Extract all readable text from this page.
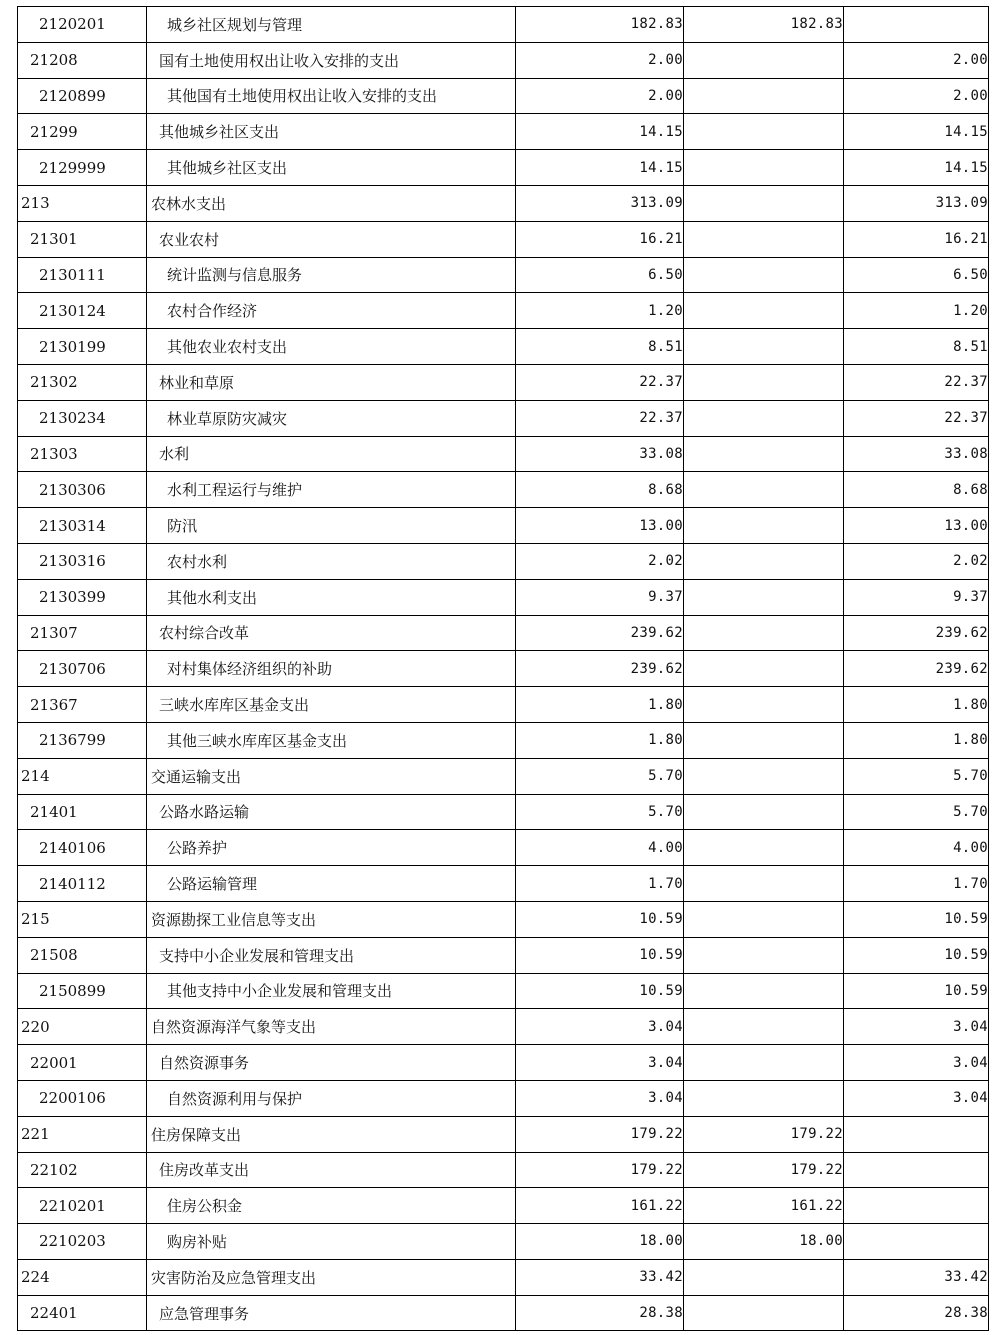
2120201	城乡社区规划与管理	182.83	182.83	
21208	国有土地使用权出让收入安排的支出	2.00		2.00
2120899	其他国有土地使用权出让收入安排的支出	2.00		2.00
21299	其他城乡社区支出	14.15		14.15
2129999	其他城乡社区支出	14.15		14.15
213	农林水支出	313.09		313.09
21301	农业农村	16.21		16.21
2130111	统计监测与信息服务	6.50		6.50
2130124	农村合作经济	1.20		1.20
2130199	其他农业农村支出	8.51		8.51
21302	林业和草原	22.37		22.37
2130234	林业草原防灾减灾	22.37		22.37
21303	水利	33.08		33.08
2130306	水利工程运行与维护	8.68		8.68
2130314	防汛	13.00		13.00
2130316	农村水利	2.02		2.02
2130399	其他水利支出	9.37		9.37
21307	农村综合改革	239.62		239.62
2130706	对村集体经济组织的补助	239.62		239.62
21367	三峡水库库区基金支出	1.80		1.80
2136799	其他三峡水库库区基金支出	1.80		1.80
214	交通运输支出	5.70		5.70
21401	公路水路运输	5.70		5.70
2140106	公路养护	4.00		4.00
2140112	公路运输管理	1.70		1.70
215	资源勘探工业信息等支出	10.59		10.59
21508	支持中小企业发展和管理支出	10.59		10.59
2150899	其他支持中小企业发展和管理支出	10.59		10.59
220	自然资源海洋气象等支出	3.04		3.04
22001	自然资源事务	3.04		3.04
2200106	自然资源利用与保护	3.04		3.04
221	住房保障支出	179.22	179.22	
22102	住房改革支出	179.22	179.22	
2210201	住房公积金	161.22	161.22	
2210203	购房补贴	18.00	18.00	
224	灾害防治及应急管理支出	33.42		33.42
22401	应急管理事务	28.38		28.38
